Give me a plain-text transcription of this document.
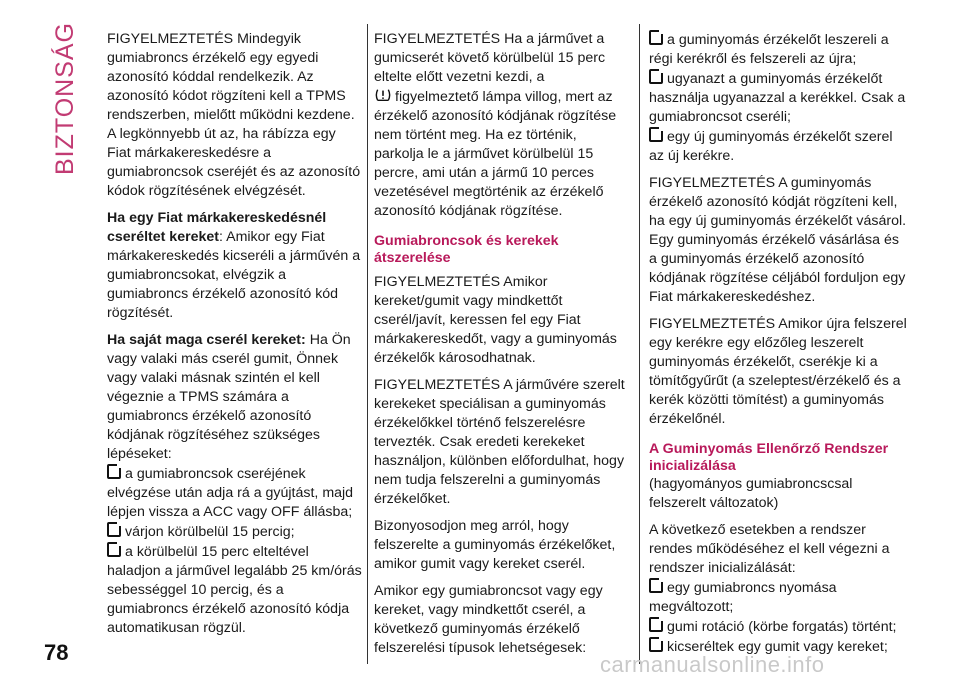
BIZTONSÁG FIGYELMEZTETÉS Mindegyik gumiabroncs érzékelő egy egyedi azonosító kóddal rendelkezik. Az azonosító kódot rögzíteni kell a TPMS rendszerben, mielőtt működni kezdene. A legkönnyebb út az, ha rábízza egy Fiat márkakereskedésre a gumiabroncsok cseréjét és az azonosító kódok rögzítésének elvégzését.

Ha egy Fiat márkakereskedésnél cseréltet kereket: Amikor egy Fiat márkakereskedés kicseréli a járművén a gumiabroncsokat, elvégzik a gumiabroncs érzékelő azonosító kód rögzítését.

Ha saját maga cserél kereket: Ha Ön vagy valaki más cserél gumit, Önnek vagy valaki másnak szintén el kell végeznie a TPMS számára a gumiabroncs érzékelő azonosító kódjának rögzítéséhez szükséges lépéseket:

a gumiabroncsok cseréjének elvégzése után adja rá a gyújtást, majd lépjen vissza a ACC vagy OFF állásba;
várjon körülbelül 15 percig;
a körülbelül 15 perc elteltével haladjon a járművel legalább 25 km/órás sebességgel 10 percig, és a gumiabroncs érzékelő azonosító kódja automatikusan rögzül.

FIGYELMEZTETÉS Ha a járművet a gumicserét követő körülbelül 15 perc eltelte előtt vezetni kezdi, a
figyelmeztető lámpa villog, mert az érzékelő azonosító kódjának rögzítése nem történt meg. Ha ez történik, parkolja le a járművet körülbelül 15 percre, ami után a jármű 10 perces vezetésével megtörténik az érzékelő azonosító kódjának rögzítése.

Gumiabroncsok és kerekek átszerelése

FIGYELMEZTETÉS Amikor kereket/gumit vagy mindkettőt cserél/javít, keressen fel egy Fiat márkakereskedőt, vagy a guminyomás érzékelők károsodhatnak.

FIGYELMEZTETÉS A járművére szerelt kerekeket speciálisan a guminyomás érzékelőkkel történő felszerelésre tervezték. Csak eredeti kerekeket használjon, különben előfordulhat, hogy nem tudja felszerelni a guminyomás érzékelőket.

Bizonyosodjon meg arról, hogy felszerelte a guminyomás érzékelőket, amikor gumit vagy kereket cserél.

Amikor egy gumiabroncsot vagy egy kereket, vagy mindkettőt cserél, a következő guminyomás érzékelő felszerelési típusok lehetségesek:

a guminyomás érzékelőt leszereli a régi kerékről és felszereli az újra;
ugyanazt a guminyomás érzékelőt használja ugyanazzal a kerékkel. Csak a gumiabroncsot cseréli;
egy új guminyomás érzékelőt szerel az új kerékre.

FIGYELMEZTETÉS A guminyomás érzékelő azonosító kódját rögzíteni kell, ha egy új guminyomás érzékelőt vásárol. Egy guminyomás érzékelő vásárlása és a guminyomás érzékelő azonosító kódjának rögzítése céljából forduljon egy Fiat márkakereskedéshez.

FIGYELMEZTETÉS Amikor újra felszerel egy kerékre egy előzőleg leszerelt guminyomás érzékelőt, cserékje ki a tömítőgyűrűt (a szeleptest/érzékelő és a kerék közötti tömítést) a guminyomás érzékelőnél.

A Guminyomás Ellenőrző Rendszer inicializálása

(hagyományos gumiabroncscsal felszerelt változatok)

A következő esetekben a rendszer rendes működéséhez el kell végezni a rendszer inicializálását:

egy gumiabroncs nyomása megváltozott;
gumi rotáció (körbe forgatás) történt;
kicseréltek egy gumit vagy kereket;
78	carmanualsonline.info
